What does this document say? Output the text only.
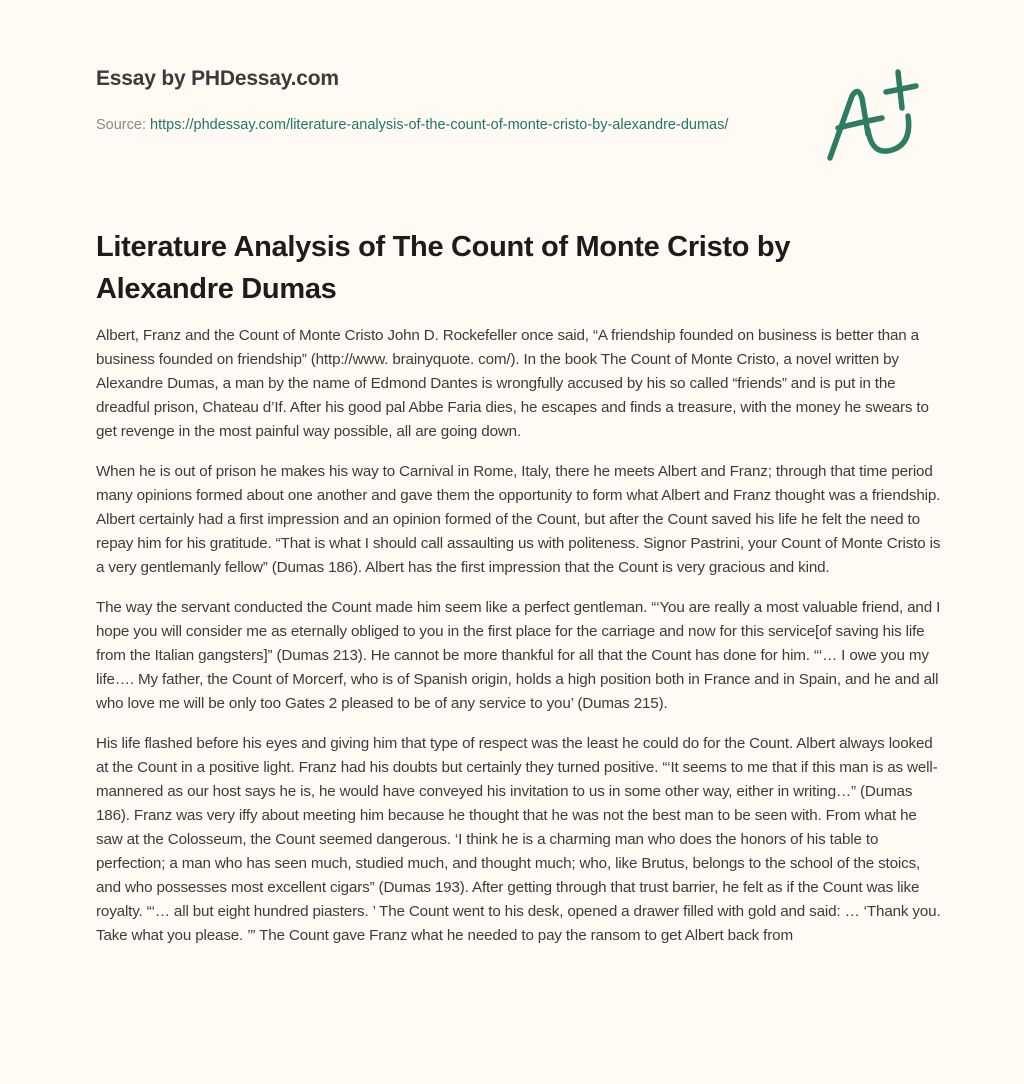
Essay by PHDessay.com
Source: https://phdessay.com/literature-analysis-of-the-count-of-monte-cristo-by-alexandre-dumas/
Literature Analysis of The Count of Monte Cristo by Alexandre Dumas

Albert, Franz and the Count of Monte Cristo John D. Rockefeller once said, “A friendship founded on business is better than a business founded on friendship” (http://www. brainyquote. com/). In the book The Count of Monte Cristo, a novel written by Alexandre Dumas, a man by the name of Edmond Dantes is wrongfully accused by his so called “friends” and is put in the dreadful prison, Chateau d’If. After his good pal Abbe Faria dies, he escapes and finds a treasure, with the money he swears to get revenge in the most painful way possible, all are going down.

When he is out of prison he makes his way to Carnival in Rome, Italy, there he meets Albert and Franz; through that time period many opinions formed about one another and gave them the opportunity to form what Albert and Franz thought was a friendship. Albert certainly had a first impression and an opinion formed of the Count, but after the Count saved his life he felt the need to repay him for his gratitude. “That is what I should call assaulting us with politeness. Signor Pastrini, your Count of Monte Cristo is a very gentlemanly fellow” (Dumas 186). Albert has the first impression that the Count is very gracious and kind.

The way the servant conducted the Count made him seem like a perfect gentleman. “‘You are really a most valuable friend, and I hope you will consider me as eternally obliged to you in the first place for the carriage and now for this service[of saving his life from the Italian gangsters]” (Dumas 213). He cannot be more thankful for all that the Count has done for him. “‘… I owe you my life…. My father, the Count of Morcerf, who is of Spanish origin, holds a high position both in France and in Spain, and he and all who love me will be only too Gates 2 pleased to be of any service to you’ (Dumas 215).

His life flashed before his eyes and giving him that type of respect was the least he could do for the Count. Albert always looked at the Count in a positive light. Franz had his doubts but certainly they turned positive. “‘It seems to me that if this man is as well-mannered as our host says he is, he would have conveyed his invitation to us in some other way, either in writing…” (Dumas 186). Franz was very iffy about meeting him because he thought that he was not the best man to be seen with. From what he saw at the Colosseum, the Count seemed dangerous. ‘I think he is a charming man who does the honors of his table to perfection; a man who has seen much, studied much, and thought much; who, like Brutus, belongs to the school of the stoics, and who possesses most excellent cigars” (Dumas 193). After getting through that trust barrier, he felt as if the Count was like royalty. “‘… all but eight hundred piasters. ’ The Count went to his desk, opened a drawer filled with gold and said: … ‘Thank you. Take what you please. ’” The Count gave Franz what he needed to pay the ransom to get Albert back from
